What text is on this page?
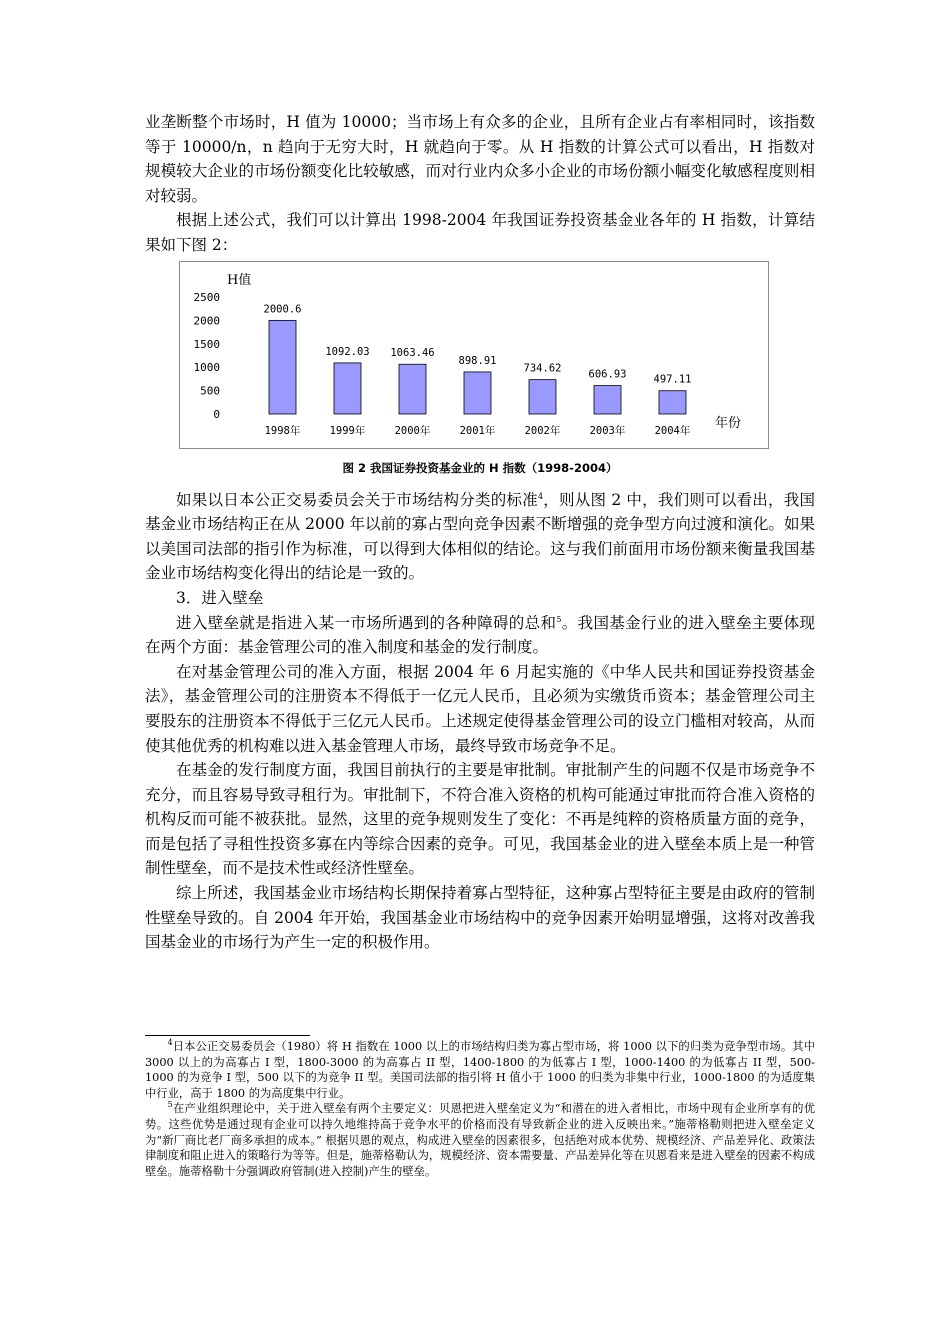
业垄断整个市场时，H 值为 10000；当市场上有众多的企业，且所有企业占有率相同时，该指数等于 10000/n，n 趋向于无穷大时，H 就趋向于零。从 H 指数的计算公式可以看出，H 指数对规模较大企业的市场份额变化比较敏感，而对行业内众多小企业的市场份额小幅变化敏感程度则相对较弱。

根据上述公式，我们可以计算出 1998-2004 年我国证券投资基金业各年的 H 指数，计算结果如下图 2：

0
500
1000
1500
2000
2500
H值
年份
2000.6
1998年
1092.03
1999年
1063.46
2000年
898.91
2001年
734.62
2002年
606.93
2003年
497.11
2004年
图 2 我国证券投资基金业的 H 指数（1998-2004）

如果以日本公正交易委员会关于市场结构分类的标准$^4$，则从图 2 中，我们则可以看出，我国基金业市场结构正在从 2000 年以前的寡占型向竞争因素不断增强的竞争型方向过渡和演化。如果以美国司法部的指引作为标准，可以得到大体相似的结论。这与我们前面用市场份额来衡量我国基金业市场结构变化得出的结论是一致的。

3．进入壁垒

进入壁垒就是指进入某一市场所遇到的各种障碍的总和$^5$。我国基金行业的进入壁垒主要体现在两个方面：基金管理公司的准入制度和基金的发行制度。

在对基金管理公司的准入方面，根据 2004 年 6 月起实施的《中华人民共和国证券投资基金法》，基金管理公司的注册资本不得低于一亿元人民币，且必须为实缴货币资本；基金管理公司主要股东的注册资本不得低于三亿元人民币。上述规定使得基金管理公司的设立门槛相对较高，从而使其他优秀的机构难以进入基金管理人市场，最终导致市场竞争不足。

在基金的发行制度方面，我国目前执行的主要是审批制。审批制产生的问题不仅是市场竞争不充分，而且容易导致寻租行为。审批制下，不符合准入资格的机构可能通过审批而符合准入资格的机构反而可能不被获批。显然，这里的竞争规则发生了变化：不再是纯粹的资格质量方面的竞争，而是包括了寻租性投资多寡在内等综合因素的竞争。可见，我国基金业的进入壁垒本质上是一种管制性壁垒，而不是技术性或经济性壁垒。

综上所述，我国基金业市场结构长期保持着寡占型特征，这种寡占型特征主要是由政府的管制性壁垒导致的。自 2004 年开始，我国基金业市场结构中的竞争因素开始明显增强，这将对改善我国基金业的市场行为产生一定的积极作用。

$^4$日本公正交易委员会（1980）将 H 指数在 1000 以上的市场结构归类为寡占型市场，将 1000 以下的归类为竞争型市场。其中 3000 以上的为高寡占 I 型，1800-3000 的为高寡占 II 型，1400-1800 的为低寡占 I 型，1000-1400 的为低寡占 II 型，500-1000 的为竞争 I 型，500 以下的为竞争 II 型。美国司法部的指引将 H 值小于 1000 的归类为非集中行业，1000-1800 的为适度集中行业，高于 1800 的为高度集中行业。

$^5$在产业组织理论中，关于进入壁垒有两个主要定义：贝恩把进入壁垒定义为“和潜在的进入者相比，市场中现有企业所享有的优势。这些优势是通过现有企业可以持久地维持高于竞争水平的价格而没有导致新企业的进入反映出来。”施蒂格勒则把进入壁垒定义为“新厂商比老厂商多承担的成本。” 根据贝恩的观点，构成进入壁垒的因素很多，包括绝对成本优势、规模经济、产品差异化、政策法律制度和阻止进入的策略行为等等。但是，施蒂格勒认为，规模经济、资本需要量、产品差异化等在贝恩看来是进入壁垒的因素不构成壁垒。施蒂格勒十分强调政府管制(进入控制)产生的壁垒。
